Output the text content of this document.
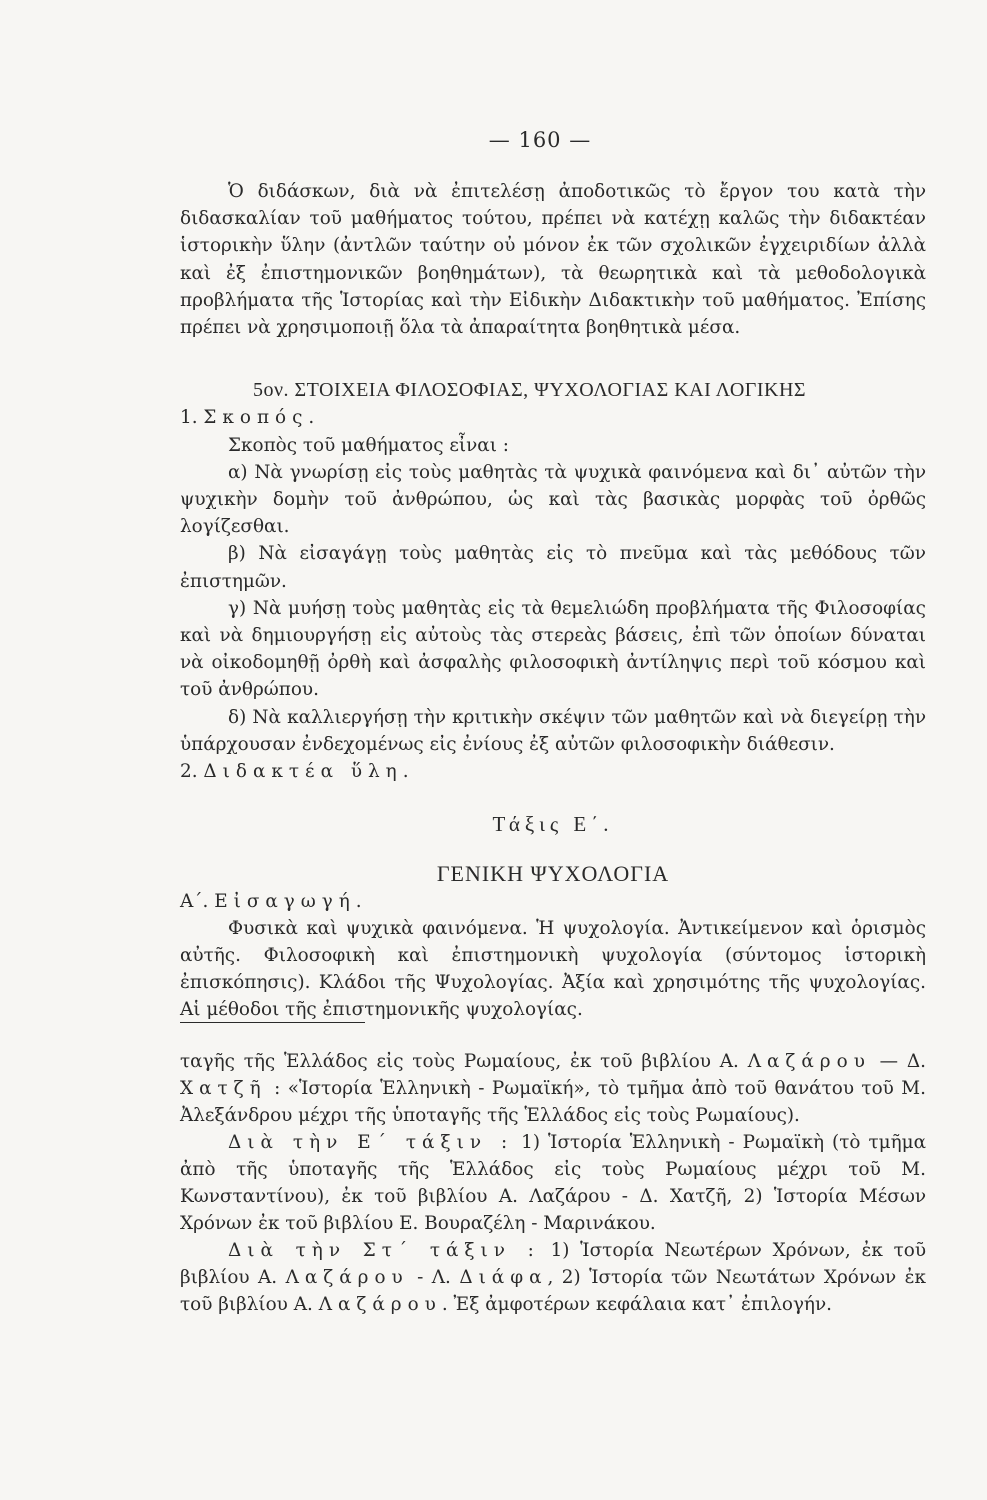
— 160 —

Ὁ διδάσκων, διὰ νὰ ἐπιτελέσῃ ἀποδοτικῶς τὸ ἔργον του κατὰ τὴν διδασκαλίαν τοῦ μαθήματος τούτου, πρέπει νὰ κατέχῃ καλῶς τὴν διδακτέαν ἱστορικὴν ὕλην (ἀντλῶν ταύτην οὐ μόνον ἐκ τῶν σχολικῶν ἐγχειριδίων ἀλλὰ καὶ ἐξ ἐπιστημονικῶν βοηθημάτων), τὰ θεωρητικὰ καὶ τὰ μεθοδολογικὰ προβλήματα τῆς Ἱστορίας καὶ τὴν Εἰδικὴν Διδακτικὴν τοῦ μαθήματος. Ἐπίσης πρέπει νὰ χρησιμοποιῇ ὅλα τὰ ἀπαραίτητα βοηθητικὰ μέσα.

5ον. ΣΤΟΙΧΕΙΑ ΦΙΛΟΣΟΦΙΑΣ, ΨΥΧΟΛΟΓΙΑΣ ΚΑΙ ΛΟΓΙΚΗΣ

1. Σκοπός.

Σκοπὸς τοῦ μαθήματος εἶναι :

α) Νὰ γνωρίσῃ εἰς τοὺς μαθητὰς τὰ ψυχικὰ φαινόμενα καὶ δι᾽ αὐτῶν τὴν ψυχικὴν δομὴν τοῦ ἀνθρώπου, ὡς καὶ τὰς βασικὰς μορφὰς τοῦ ὀρθῶς λογίζεσθαι.

β) Νὰ εἰσαγάγῃ τοὺς μαθητὰς εἰς τὸ πνεῦμα καὶ τὰς μεθόδους τῶν ἐπιστημῶν.

γ) Νὰ μυήσῃ τοὺς μαθητὰς εἰς τὰ θεμελιώδη προβλήματα τῆς Φιλοσοφίας καὶ νὰ δημιουργήσῃ εἰς αὐτοὺς τὰς στερεὰς βάσεις, ἐπὶ τῶν ὁποίων δύναται νὰ οἰκοδομηθῇ ὀρθὴ καὶ ἀσφαλὴς φιλοσοφικὴ ἀντίληψις περὶ τοῦ κόσμου καὶ τοῦ ἀνθρώπου.

δ) Νὰ καλλιεργήσῃ τὴν κριτικὴν σκέψιν τῶν μαθητῶν καὶ νὰ διεγείρῃ τὴν ὑπάρχουσαν ἐνδεχομένως εἰς ἐνίους ἐξ αὐτῶν φιλοσοφικὴν διάθεσιν.

2. Διδακτέα ὕλη.

Τάξις Ε΄.
ΓΕΝΙΚΗ ΨΥΧΟΛΟΓΙΑ

Α΄. Εἰσαγωγή.

Φυσικὰ καὶ ψυχικὰ φαινόμενα. Ἡ ψυχολογία. Ἀντικείμενον καὶ ὁρισμὸς αὐτῆς. Φιλοσοφικὴ καὶ ἐπιστημονικὴ ψυχολογία (σύντομος ἱστορικὴ ἐπισκόπησις). Κλάδοι τῆς Ψυχολογίας. Ἀξία καὶ χρησιμότης τῆς ψυχολογίας. Αἱ μέθοδοι τῆς ἐπιστημονικῆς ψυχολογίας.

ταγῆς τῆς Ἑλλάδος εἰς τοὺς Ρωμαίους, ἐκ τοῦ βιβλίου Α. Λαζάρου — Δ. Χατζῆ : «Ἱστορία Ἑλληνικὴ - Ρωμαϊκή», τὸ τμῆμα ἀπὸ τοῦ θανάτου τοῦ Μ. Ἀλεξάνδρου μέχρι τῆς ὑποταγῆς τῆς Ἑλλάδος εἰς τοὺς Ρωμαίους).

Διὰ τὴν Ε΄ τάξιν : 1) Ἱστορία Ἑλληνικὴ - Ρωμαϊκὴ (τὸ τμῆμα ἀπὸ τῆς ὑποταγῆς τῆς Ἑλλάδος εἰς τοὺς Ρωμαίους μέχρι τοῦ Μ. Κωνσταντίνου), ἐκ τοῦ βιβλίου Α. Λαζάρου - Δ. Χατζῆ, 2) Ἱστορία Μέσων Χρόνων ἐκ τοῦ βιβλίου Ε. Βουραζέλη - Μαρινάκου.

Διὰ τὴν Στ΄ τάξιν : 1) Ἱστορία Νεωτέρων Χρόνων, ἐκ τοῦ βιβλίου Α. Λαζάρου - Λ. Διάφα, 2) Ἱστορία τῶν Νεωτάτων Χρόνων ἐκ τοῦ βιβλίου Α. Λαζάρου. Ἐξ ἀμφοτέρων κεφάλαια κατ᾽ ἐπιλογήν.
